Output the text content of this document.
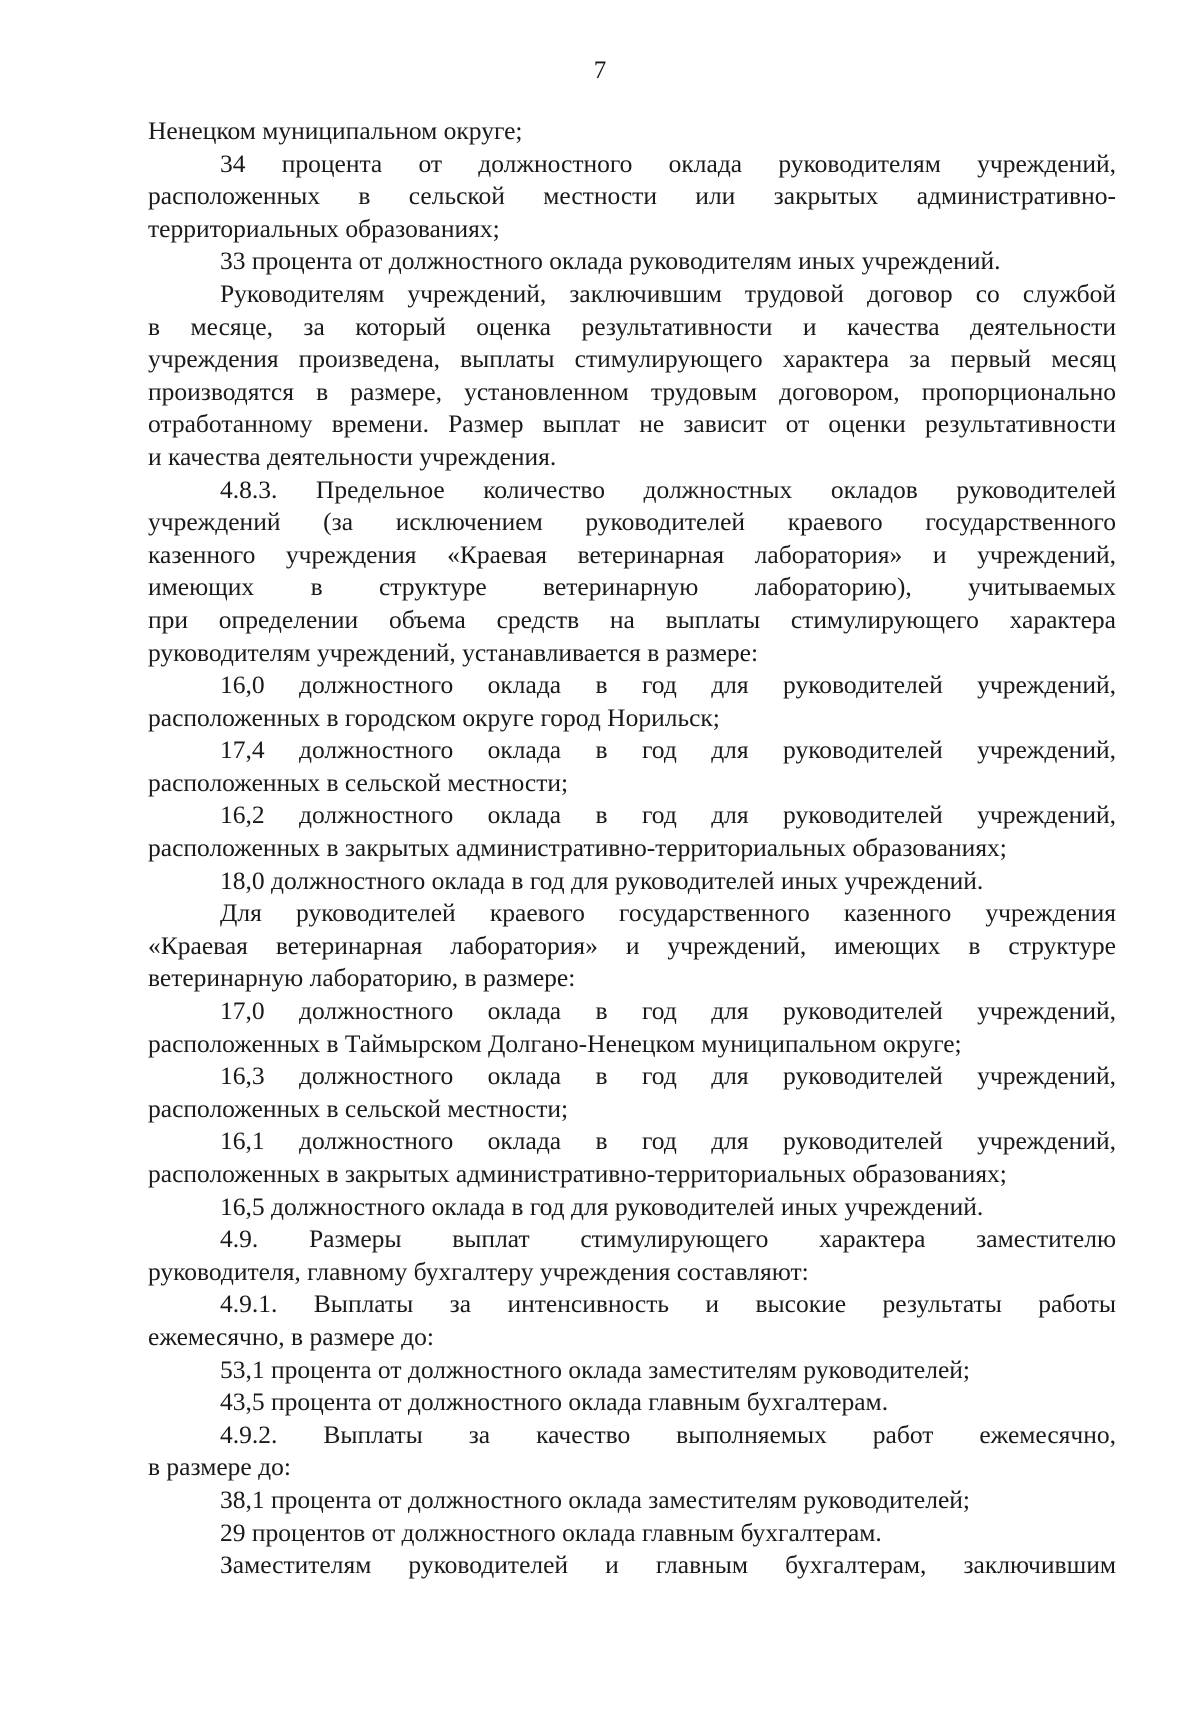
7
Ненецком муниципальном округе;
34 процента от должностного оклада руководителям учреждений,
расположенных в сельской местности или закрытых административно-
территориальных образованиях;
33 процента от должностного оклада руководителям иных учреждений.
Руководителям учреждений, заключившим трудовой договор со службой
в месяце, за который оценка результативности и качества деятельности
учреждения произведена, выплаты стимулирующего характера за первый месяц
производятся в размере, установленном трудовым договором, пропорционально
отработанному времени. Размер выплат не зависит от оценки результативности
и качества деятельности учреждения.
4.8.3. Предельное количество должностных окладов руководителей
учреждений (за исключением руководителей краевого государственного
казенного учреждения «Краевая ветеринарная лаборатория» и учреждений,
имеющих в структуре ветеринарную лабораторию), учитываемых
при определении объема средств на выплаты стимулирующего характера
руководителям учреждений, устанавливается в размере:
16,0 должностного оклада в год для руководителей учреждений,
расположенных в городском округе город Норильск;
17,4 должностного оклада в год для руководителей учреждений,
расположенных в сельской местности;
16,2 должностного оклада в год для руководителей учреждений,
расположенных в закрытых административно-территориальных образованиях;
18,0 должностного оклада в год для руководителей иных учреждений.
Для руководителей краевого государственного казенного учреждения
«Краевая ветеринарная лаборатория» и учреждений, имеющих в структуре
ветеринарную лабораторию, в размере:
17,0 должностного оклада в год для руководителей учреждений,
расположенных в Таймырском Долгано-Ненецком муниципальном округе;
16,3 должностного оклада в год для руководителей учреждений,
расположенных в сельской местности;
16,1 должностного оклада в год для руководителей учреждений,
расположенных в закрытых административно-территориальных образованиях;
16,5 должностного оклада в год для руководителей иных учреждений.
4.9. Размеры выплат стимулирующего характера заместителю
руководителя, главному бухгалтеру учреждения составляют:
4.9.1. Выплаты за интенсивность и высокие результаты работы
ежемесячно, в размере до:
53,1 процента от должностного оклада заместителям руководителей;
43,5 процента от должностного оклада главным бухгалтерам.
4.9.2. Выплаты за качество выполняемых работ ежемесячно,
в размере до:
38,1 процента от должностного оклада заместителям руководителей;
29 процентов от должностного оклада главным бухгалтерам.
Заместителям руководителей и главным бухгалтерам, заключившим
